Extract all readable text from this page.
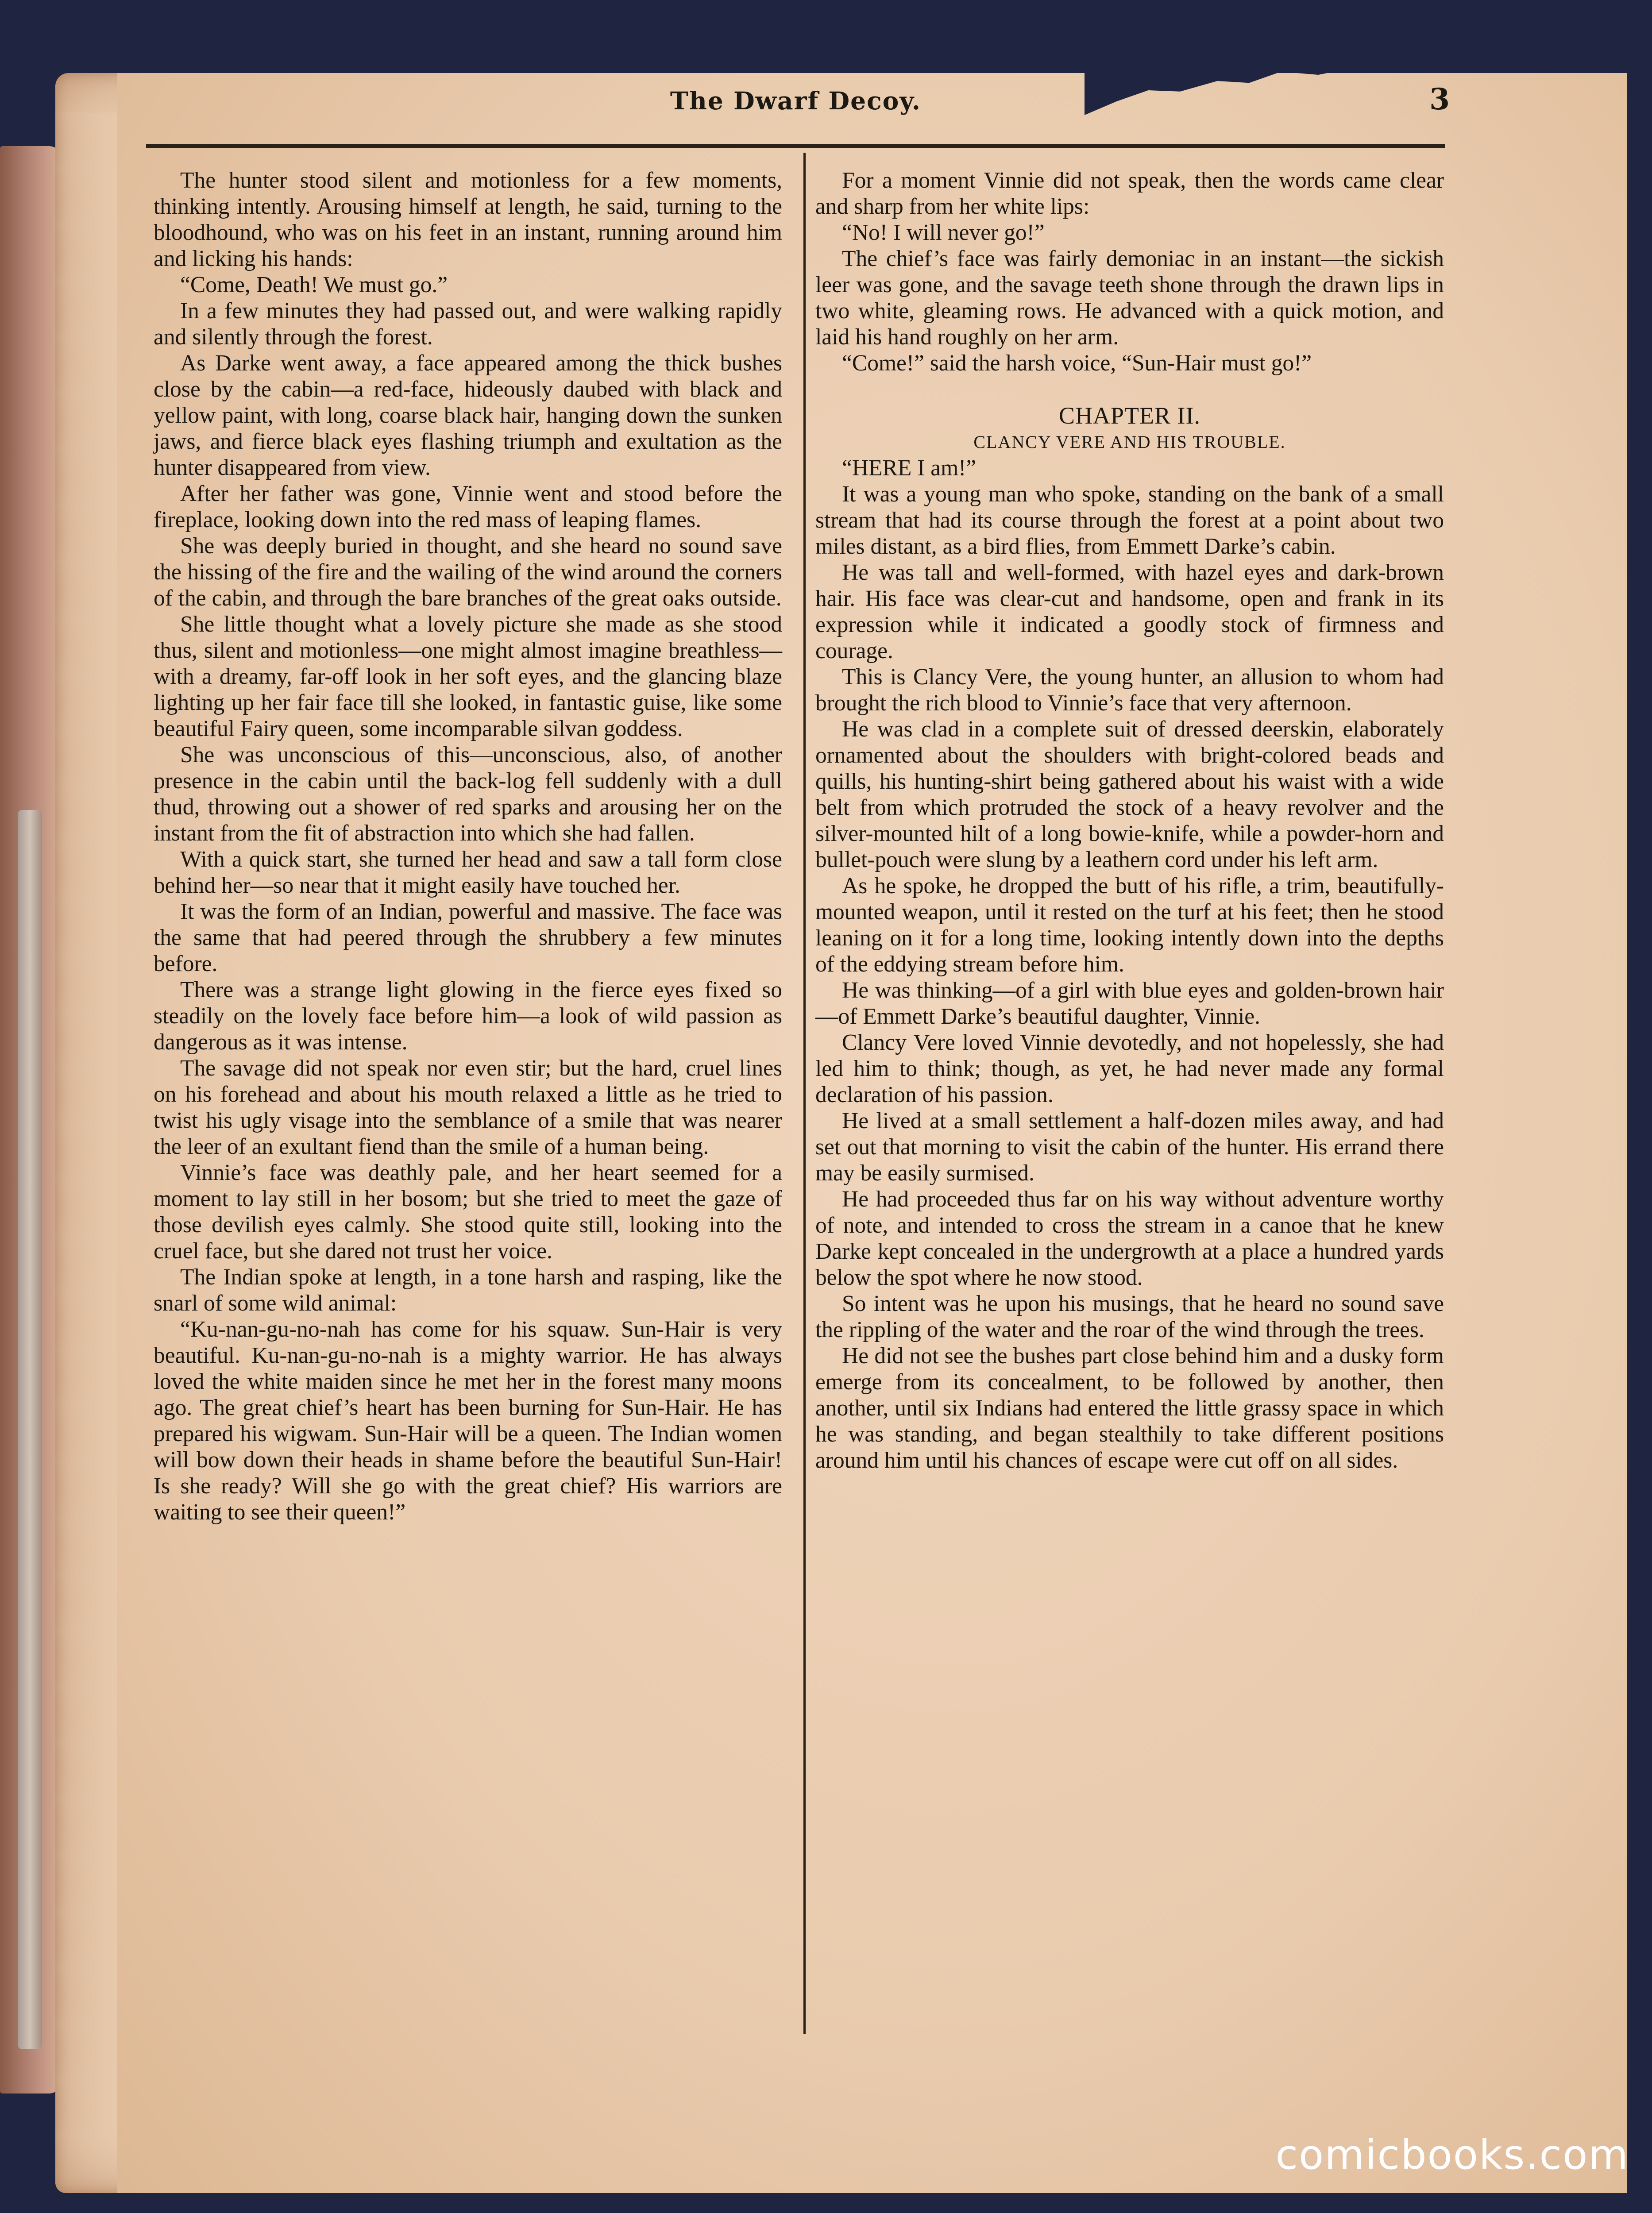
The Dwarf Decoy.	3

The hunter stood silent and motionless for a few moments, thinking intently. Arousing himself at length, he said, turning to the bloodhound, who was on his feet in an instant, running around him and licking his hands:

“Come, Death! We must go.”

In a few minutes they had passed out, and were walking rapidly and silently through the forest.

As Darke went away, a face appeared among the thick bushes close by the cabin—a red-face, hideously daubed with black and yellow paint, with long, coarse black hair, hanging down the sunken jaws, and fierce black eyes flashing triumph and exultation as the hunter disappeared from view.

After her father was gone, Vinnie went and stood before the fireplace, looking down into the red mass of leaping flames.

She was deeply buried in thought, and she heard no sound save the hissing of the fire and the wailing of the wind around the corners of the cabin, and through the bare branches of the great oaks outside.

She little thought what a lovely picture she made as she stood thus, silent and motionless—one might almost imagine breathless—with a dreamy, far-off look in her soft eyes, and the glancing blaze lighting up her fair face till she looked, in fantastic guise, like some beautiful Fairy queen, some incomparable silvan goddess.

She was unconscious of this—unconscious, also, of another presence in the cabin until the back-log fell suddenly with a dull thud, throwing out a shower of red sparks and arousing her on the instant from the fit of abstraction into which she had fallen.

With a quick start, she turned her head and saw a tall form close behind her—so near that it might easily have touched her.

It was the form of an Indian, powerful and massive. The face was the same that had peered through the shrubbery a few minutes before.

There was a strange light glowing in the fierce eyes fixed so steadily on the lovely face before him—a look of wild passion as dangerous as it was intense.

The savage did not speak nor even stir; but the hard, cruel lines on his forehead and about his mouth relaxed a little as he tried to twist his ugly visage into the semblance of a smile that was nearer the leer of an exultant fiend than the smile of a human being.

Vinnie’s face was deathly pale, and her heart seemed for a moment to lay still in her bosom; but she tried to meet the gaze of those devilish eyes calmly. She stood quite still, looking into the cruel face, but she dared not trust her voice.

The Indian spoke at length, in a tone harsh and rasping, like the snarl of some wild animal:

“Ku-nan-gu-no-nah has come for his squaw. Sun-Hair is very beautiful. Ku-nan-gu-no-nah is a mighty warrior. He has always loved the white maiden since he met her in the forest many moons ago. The great chief’s heart has been burning for Sun-Hair. He has prepared his wigwam. Sun-Hair will be a queen. The Indian women will bow down their heads in shame before the beautiful Sun-Hair! Is she ready? Will she go with the great chief? His warriors are waiting to see their queen!”

For a moment Vinnie did not speak, then the words came clear and sharp from her white lips:

“No! I will never go!”

The chief’s face was fairly demoniac in an instant—the sickish leer was gone, and the savage teeth shone through the drawn lips in two white, gleaming rows. He advanced with a quick motion, and laid his hand roughly on her arm.

“Come!” said the harsh voice, “Sun-Hair must go!”

CHAPTER II.

CLANCY VERE AND HIS TROUBLE.

“HERE I am!”

It was a young man who spoke, standing on the bank of a small stream that had its course through the forest at a point about two miles distant, as a bird flies, from Emmett Darke’s cabin.

He was tall and well-formed, with hazel eyes and dark-brown hair. His face was clear-cut and handsome, open and frank in its expression while it indicated a goodly stock of firmness and courage.

This is Clancy Vere, the young hunter, an allusion to whom had brought the rich blood to Vinnie’s face that very afternoon.

He was clad in a complete suit of dressed deerskin, elaborately ornamented about the shoulders with bright-colored beads and quills, his hunting-shirt being gathered about his waist with a wide belt from which protruded the stock of a heavy revolver and the silver-mounted hilt of a long bowie-knife, while a powder-horn and bullet-pouch were slung by a leathern cord under his left arm.

As he spoke, he dropped the butt of his rifle, a trim, beautifully-mounted weapon, until it rested on the turf at his feet; then he stood leaning on it for a long time, looking intently down into the depths of the eddying stream before him.

He was thinking—of a girl with blue eyes and golden-brown hair—of Emmett Darke’s beautiful daughter, Vinnie.

Clancy Vere loved Vinnie devotedly, and not hopelessly, she had led him to think; though, as yet, he had never made any formal declaration of his passion.

He lived at a small settlement a half-dozen miles away, and had set out that morning to visit the cabin of the hunter. His errand there may be easily surmised.

He had proceeded thus far on his way without adventure worthy of note, and intended to cross the stream in a canoe that he knew Darke kept concealed in the undergrowth at a place a hundred yards below the spot where he now stood.

So intent was he upon his musings, that he heard no sound save the rippling of the water and the roar of the wind through the trees.

He did not see the bushes part close behind him and a dusky form emerge from its concealment, to be followed by another, then another, until six Indians had entered the little grassy space in which he was standing, and began stealthily to take different positions around him until his chances of escape were cut off on all sides.

comicbooks.com
